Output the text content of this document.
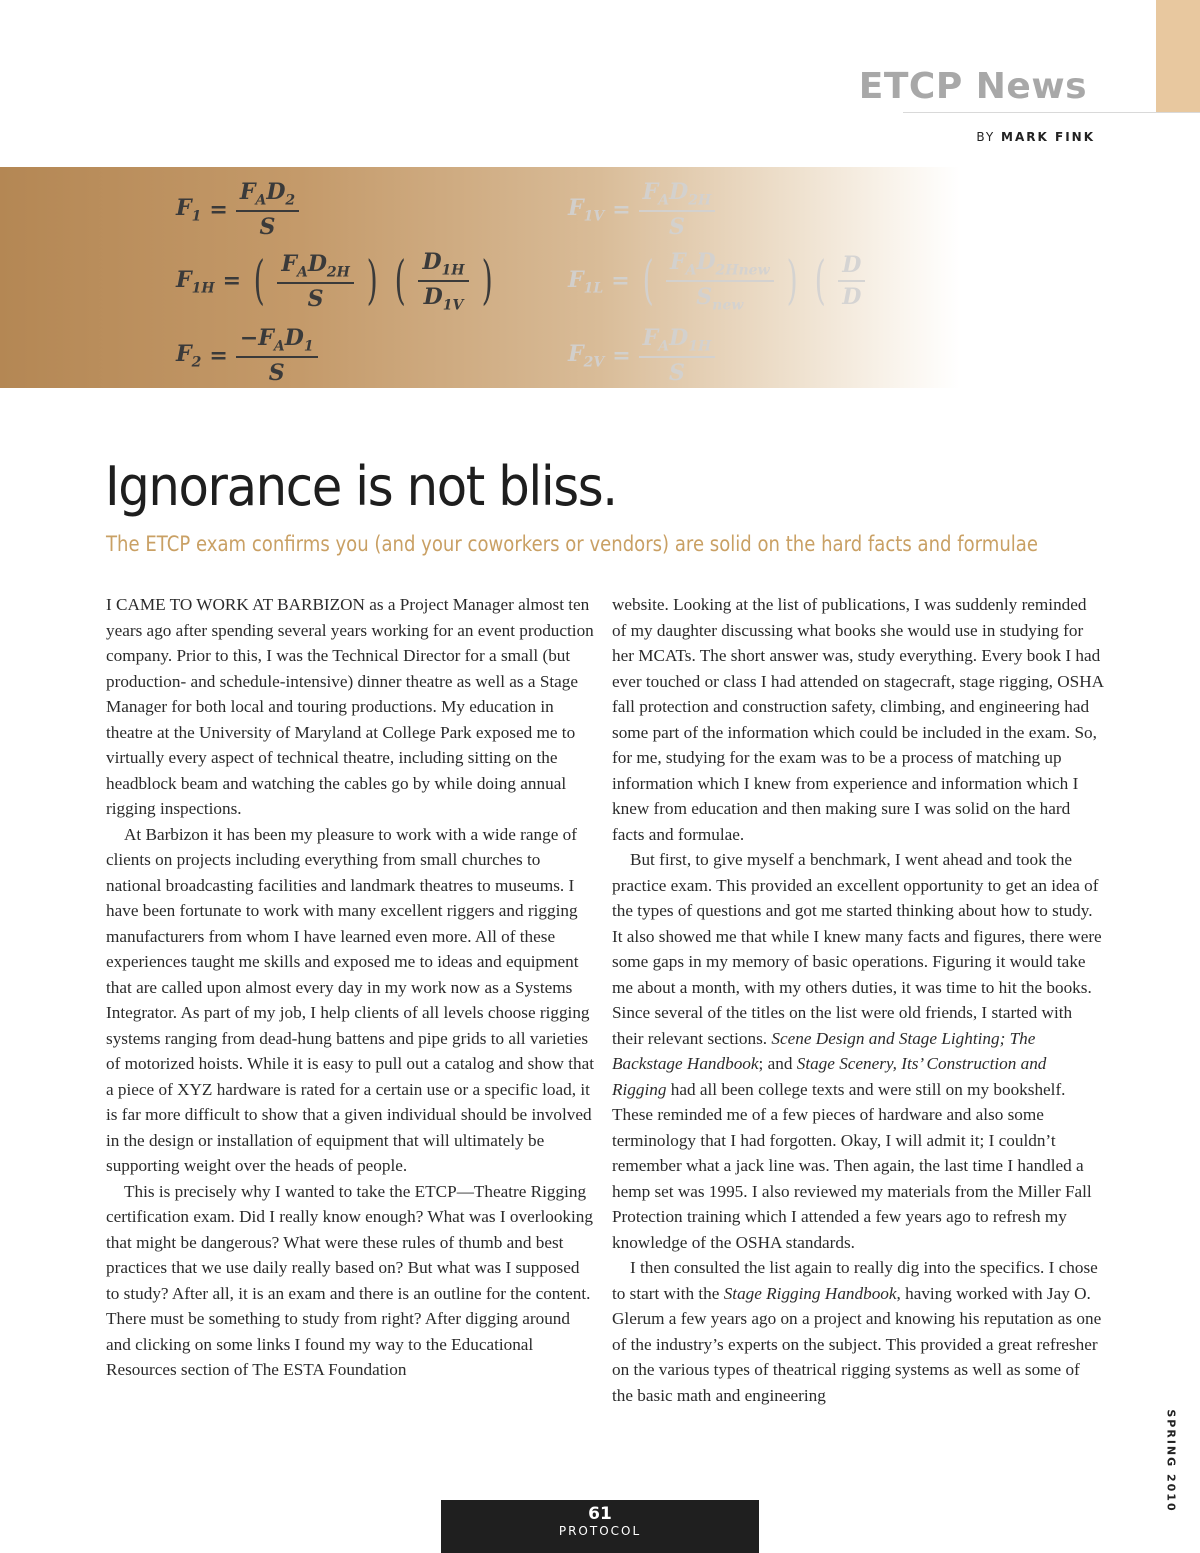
ETCP News
BY MARK FINK
$F_1 = \frac{F_AD_2}{S}$
$F_{1H}$ = ( $\frac{F_AD_{2H}}{S}$ ) ( $\frac{D_{1H}}{D_{1V}}$ )
$F_2 = \frac{-F_AD_1}{S}$
$F_{1V} = \frac{F_AD_{2H}}{S}$
$F_{1L}$ = ( $\frac{F_AD_{2Hnew}}{S_{new}}$ ) ( $\frac{D}{D}$
$F_{2V} = \frac{F_AD_{1H}}{S}$
Ignorance is not bliss.
The ETCP exam confirms you (and your coworkers or vendors) are solid on the hard facts and formulae

I CAME TO WORK AT BARBIZON as a Project Manager almost ten years ago after spending several years working for an event production company. Prior to this, I was the Technical Director for a small (but production- and schedule-intensive) dinner theatre as well as a Stage Manager for both local and touring productions. My education in theatre at the University of Maryland at College Park exposed me to virtually every aspect of technical theatre, including sitting on the headblock beam and watching the cables go by while doing annual rigging inspections.

At Barbizon it has been my pleasure to work with a wide range of clients on projects including everything from small churches to national broadcasting facilities and landmark theatres to museums. I have been fortunate to work with many excellent riggers and rigging manufacturers from whom I have learned even more. All of these experiences taught me skills and exposed me to ideas and equipment that are called upon almost every day in my work now as a Systems Integrator. As part of my job, I help clients of all levels choose rigging systems ranging from dead-hung battens and pipe grids to all varieties of motorized hoists. While it is easy to pull out a catalog and show that a piece of XYZ hardware is rated for a certain use or a specific load, it is far more difficult to show that a given individual should be involved in the design or installation of equipment that will ultimately be supporting weight over the heads of people.

This is precisely why I wanted to take the ETCP—Theatre Rigging certification exam. Did I really know enough? What was I overlooking that might be dangerous? What were these rules of thumb and best practices that we use daily really based on? But what was I supposed to study? After all, it is an exam and there is an outline for the content. There must be something to study from right? After digging around and clicking on some links I found my way to the Educational Resources section of The ESTA Foundation

website. Looking at the list of publications, I was suddenly reminded of my daughter discussing what books she would use in studying for her MCATs. The short answer was, study everything. Every book I had ever touched or class I had attended on stagecraft, stage rigging, OSHA fall protection and construction safety, climbing, and engineering had some part of the information which could be included in the exam. So, for me, studying for the exam was to be a process of matching up information which I knew from experience and information which I knew from education and then making sure I was solid on the hard facts and formulae.

But first, to give myself a benchmark, I went ahead and took the practice exam. This provided an excellent opportunity to get an idea of the types of questions and got me started thinking about how to study. It also showed me that while I knew many facts and figures, there were some gaps in my memory of basic operations. Figuring it would take me about a month, with my others duties, it was time to hit the books. Since several of the titles on the list were old friends, I started with their relevant sections. Scene Design and Stage Lighting; The Backstage Handbook; and Stage Scenery, Its’ Construction and Rigging had all been college texts and were still on my bookshelf. These reminded me of a few pieces of hardware and also some terminology that I had forgotten. Okay, I will admit it; I couldn’t remember what a jack line was. Then again, the last time I handled a hemp set was 1995. I also reviewed my materials from the Miller Fall Protection training which I attended a few years ago to refresh my knowledge of the OSHA standards.

I then consulted the list again to really dig into the specifics. I chose to start with the Stage Rigging Handbook, having worked with Jay O. Glerum a few years ago on a project and knowing his reputation as one of the industry’s experts on the subject. This provided a great refresher on the various types of theatrical rigging systems as well as some of the basic math and engineering

SPRING 2010
61
PROTOCOL
